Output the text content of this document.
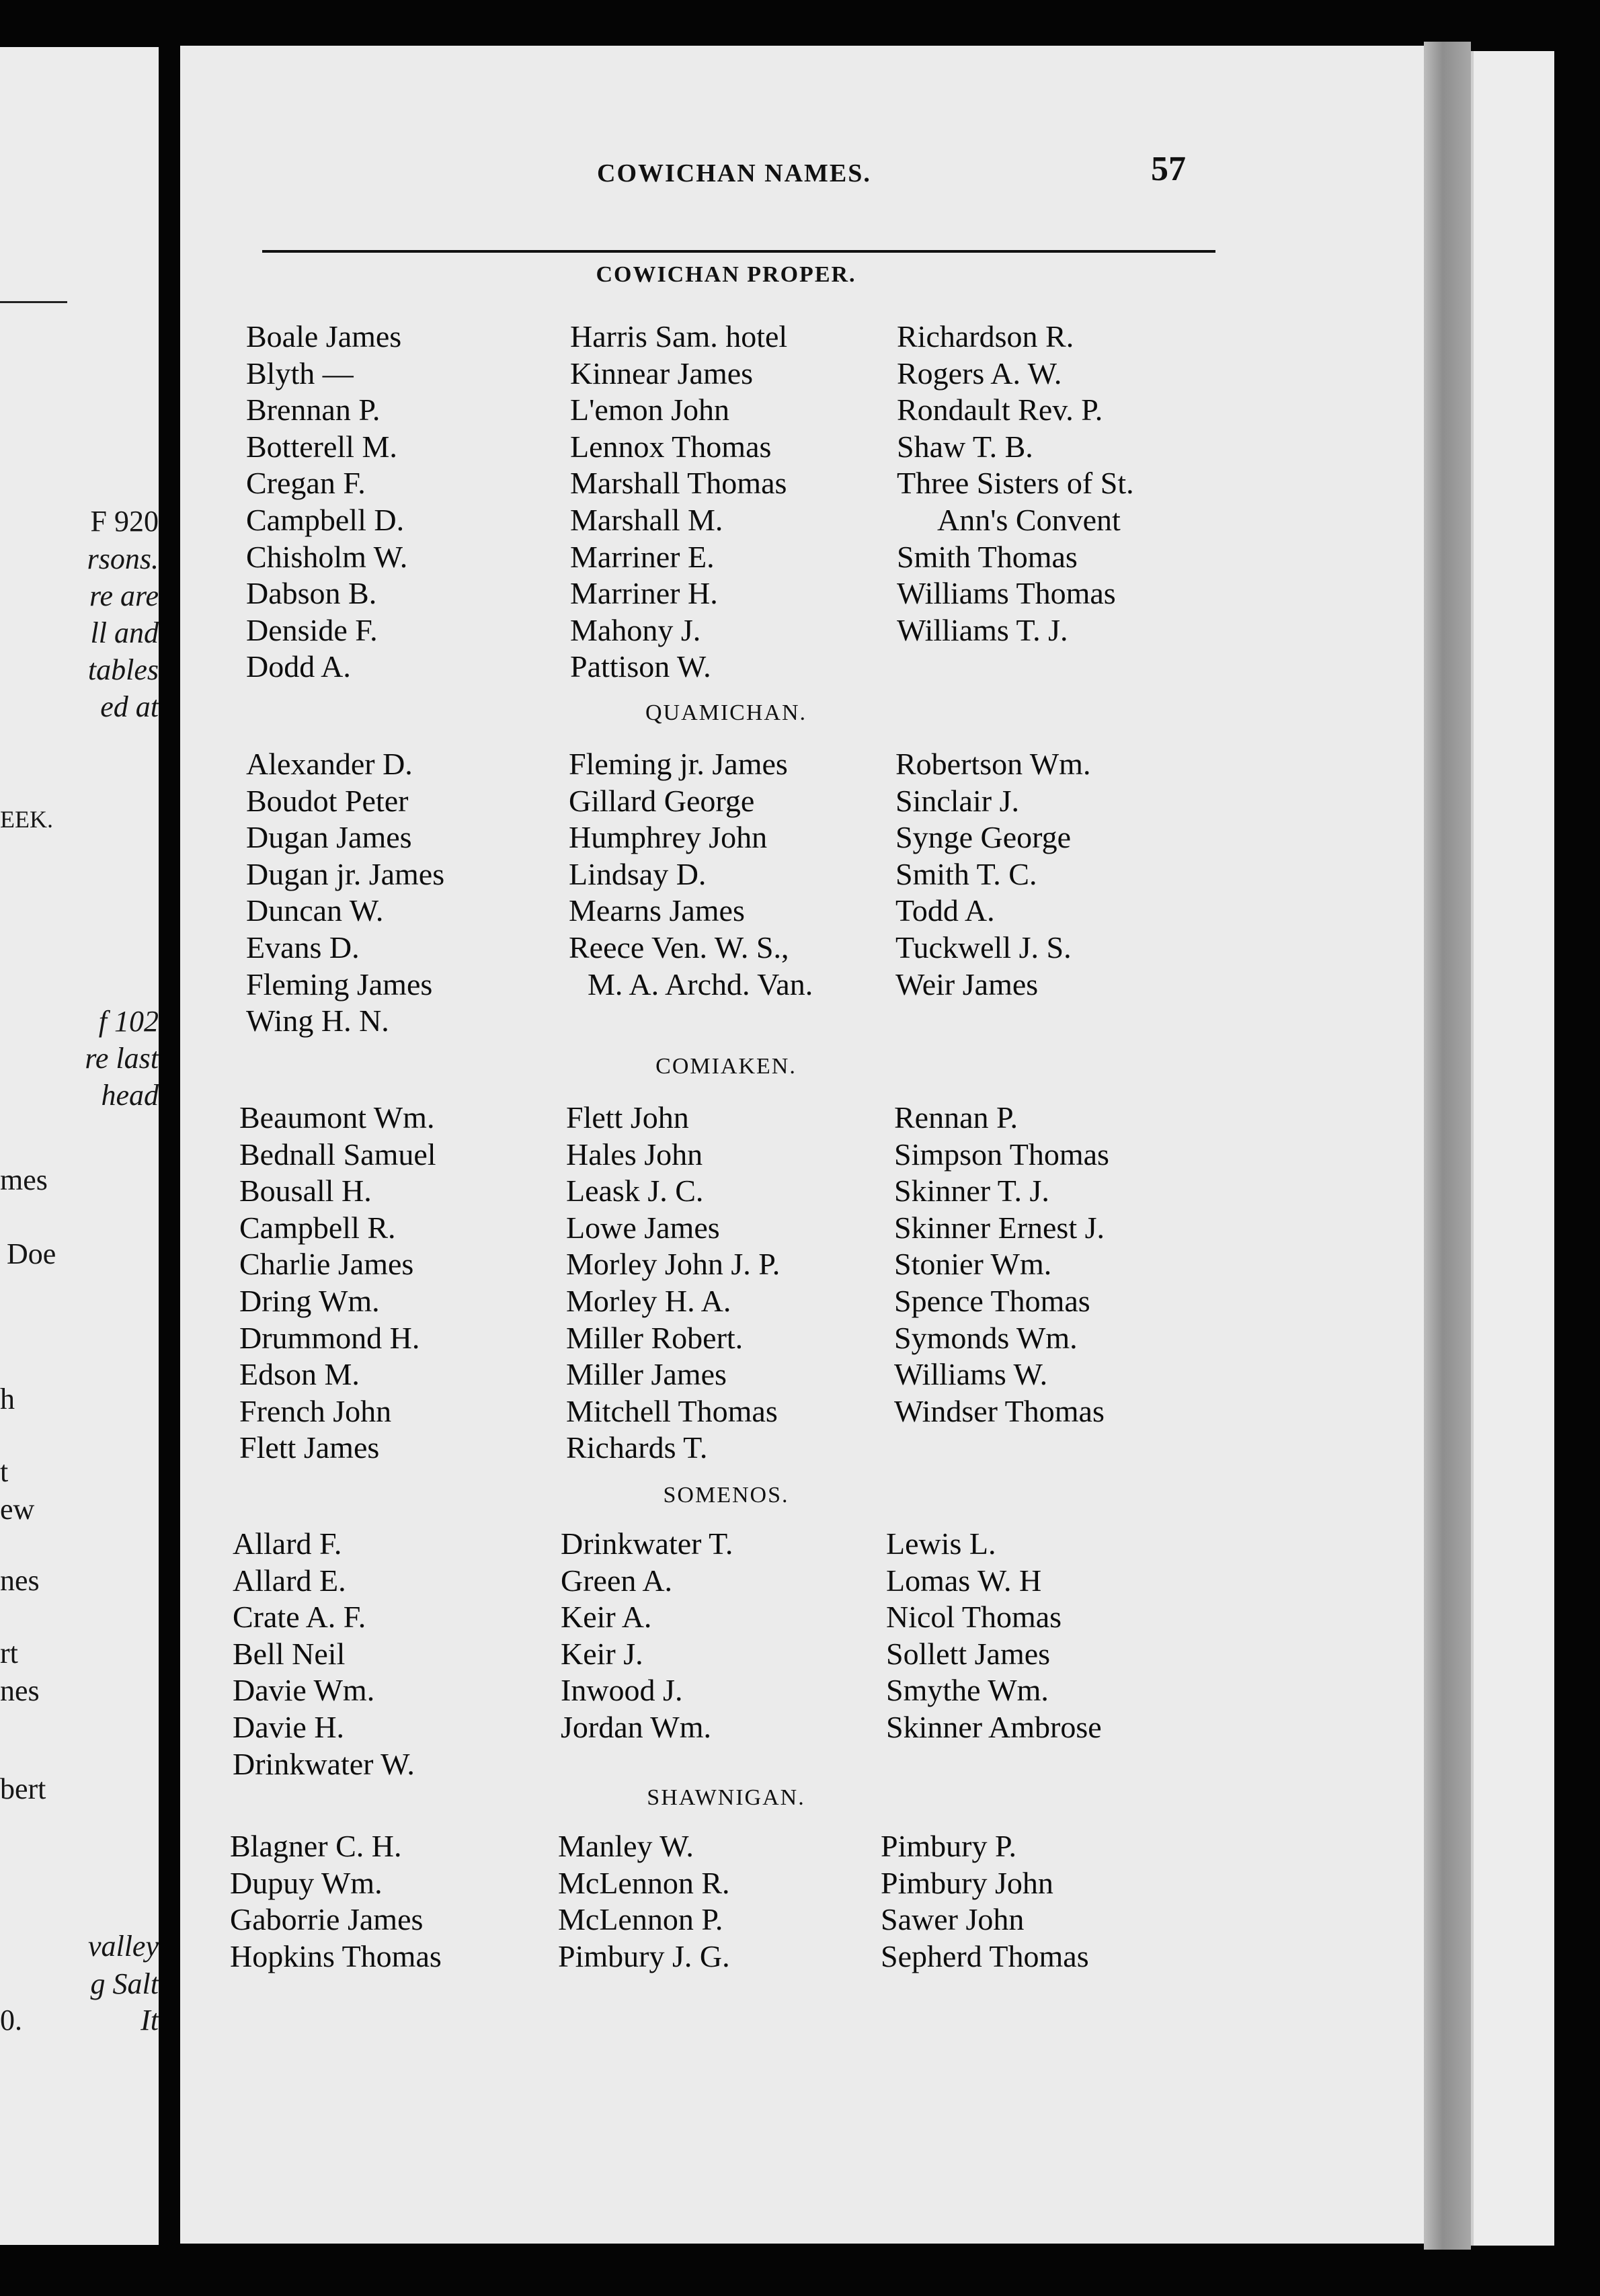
F 920
rsons.
re are
ll and
tables
ed at
EEK.
f 102
re last
head
mes
Doe
h
t
ew
nes
rt
nes
bert
valley
g Salt
0.	It
COWICHAN NAMES.	57
COWICHAN PROPER.
Boale James
Blyth —
Brennan P.
Botterell M.
Cregan F.
Campbell D.
Chisholm W.
Dabson B.
Denside F.
Dodd A.
Harris Sam. hotel
Kinnear James
L'emon John
Lennox Thomas
Marshall Thomas
Marshall M.
Marriner E.
Marriner H.
Mahony J.
Pattison W.
Richardson R.
Rogers A. W.
Rondault Rev. P.
Shaw T. B.
Three Sisters of St.
Ann's Convent
Smith Thomas
Williams Thomas
Williams T. J.
QUAMICHAN.
Alexander D.
Boudot Peter
Dugan James
Dugan jr. James
Duncan W.
Evans D.
Fleming James
Wing H. N.
Fleming jr. James
Gillard George
Humphrey John
Lindsay D.
Mearns James
Reece Ven. W. S.,
M. A. Archd. Van.
Robertson Wm.
Sinclair J.
Synge George
Smith T. C.
Todd A.
Tuckwell J. S.
Weir James
COMIAKEN.
Beaumont Wm.
Bednall Samuel
Bousall H.
Campbell R.
Charlie James
Dring Wm.
Drummond H.
Edson M.
French John
Flett James
Flett John
Hales John
Leask J. C.
Lowe James
Morley John J. P.
Morley H. A.
Miller Robert.
Miller James
Mitchell Thomas
Richards T.
Rennan P.
Simpson Thomas
Skinner T. J.
Skinner Ernest J.
Stonier Wm.
Spence Thomas
Symonds Wm.
Williams W.
Windser Thomas
SOMENOS.
Allard F.
Allard E.
Crate A. F.
Bell Neil
Davie Wm.
Davie H.
Drinkwater W.
Drinkwater T.
Green A.
Keir A.
Keir J.
Inwood J.
Jordan Wm.
Lewis L.
Lomas W. H
Nicol Thomas
Sollett James
Smythe Wm.
Skinner Ambrose
SHAWNIGAN.
Blagner C. H.
Dupuy Wm.
Gaborrie James
Hopkins Thomas
Manley W.
McLennon R.
McLennon P.
Pimbury J. G.
Pimbury P.
Pimbury John
Sawer John
Sepherd Thomas
